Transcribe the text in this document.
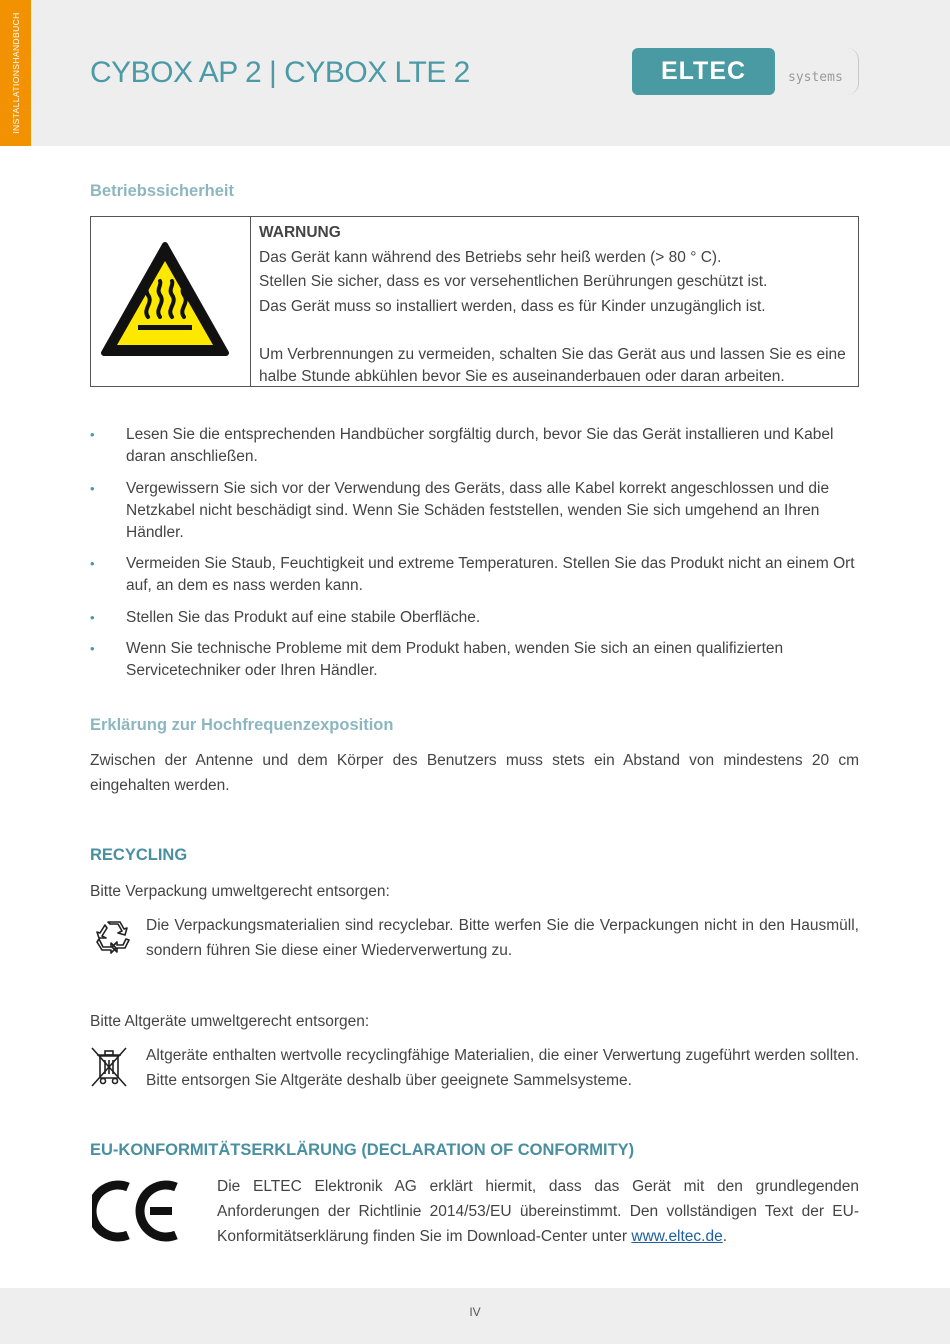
INSTALLATIONSHANDBUCH CYBOX AP 2 | CYBOX LTE 2	ELTEC	systems
Betriebssicherheit
WARNUNG
Das Gerät kann während des Betriebs sehr heiß werden (> 80 ° C).
Stellen Sie sicher, dass es vor versehentlichen Berührungen geschützt ist.
Das Gerät muss so installiert werden, dass es für Kinder unzugänglich ist.
Um Verbrennungen zu vermeiden, schalten Sie das Gerät aus und lassen Sie es eine halbe Stunde abkühlen bevor Sie es auseinanderbauen oder daran arbeiten.
• Lesen Sie die entsprechenden Handbücher sorgfältig durch, bevor Sie das Gerät installieren und Kabel daran anschließen.
• Vergewissern Sie sich vor der Verwendung des Geräts, dass alle Kabel korrekt angeschlossen und die Netzkabel nicht beschädigt sind. Wenn Sie Schäden feststellen, wenden Sie sich umgehend an Ihren Händler.
• Vermeiden Sie Staub, Feuchtigkeit und extreme Temperaturen. Stellen Sie das Produkt nicht an einem Ort auf, an dem es nass werden kann.
• Stellen Sie das Produkt auf eine stabile Oberfläche.
• Wenn Sie technische Probleme mit dem Produkt haben, wenden Sie sich an einen qualifizierten Servicetechniker oder Ihren Händler.
Erklärung zur Hochfrequenzexposition
Zwischen der Antenne und dem Körper des Benutzers muss stets ein Abstand von mindestens 20 cm eingehalten werden.
RECYCLING
Bitte Verpackung umweltgerecht entsorgen:
Die Verpackungsmaterialien sind recyclebar. Bitte werfen Sie die Verpackungen nicht in den Hausmüll, sondern führen Sie diese einer Wiederverwertung zu.
Bitte Altgeräte umweltgerecht entsorgen:
Altgeräte enthalten wertvolle recyclingfähige Materialien, die einer Verwertung zugeführt werden sollten. Bitte entsorgen Sie Altgeräte deshalb über geeignete Sammelsysteme.
EU-KONFORMITÄTSERKLÄRUNG (DECLARATION OF CONFORMITY)
Die ELTEC Elektronik AG erklärt hiermit, dass das Gerät mit den grundlegenden Anforderungen der Richtlinie 2014/53/EU übereinstimmt. Den vollständigen Text der EU-Konformitätserklärung finden Sie im Download-Center unter www.eltec.de.
IV
